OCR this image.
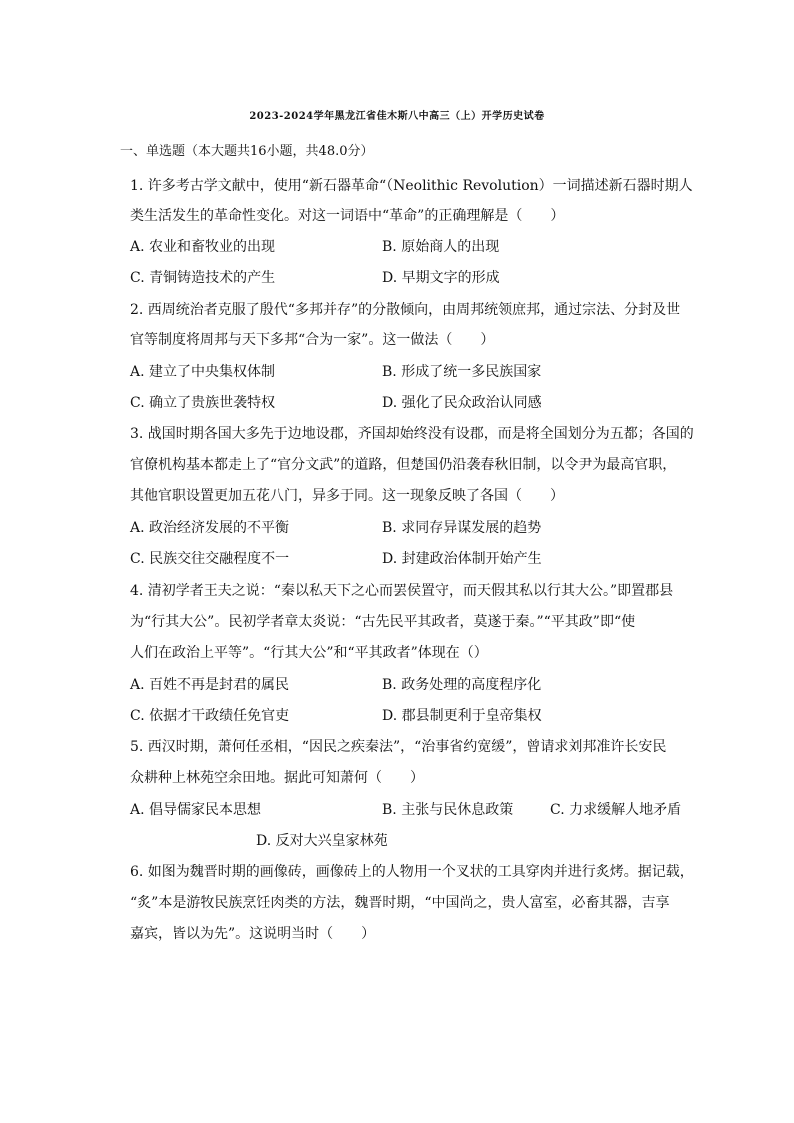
2023-2024学年黑龙江省佳木斯八中高三（上）开学历史试卷
一、单选题（本大题共16小题，共48.0分）
1. 许多考古学文献中，使用“新石器革命“（Neolithic Revolution）一词描述新石器时期人
类生活发生的革命性变化。对这一词语中“革命”的正确理解是（　　）
A. 农业和畜牧业的出现	B. 原始商人的出现
C. 青铜铸造技术的产生	D. 早期文字的形成
2. 西周统治者克服了殷代“多邦并存”的分散倾向，由周邦统领庶邦，通过宗法、分封及世
官等制度将周邦与天下多邦“合为一家”。这一做法（　　）
A. 建立了中央集权体制	B. 形成了统一多民族国家
C. 确立了贵族世袭特权	D. 强化了民众政治认同感
3. 战国时期各国大多先于边地设郡，齐国却始终没有设郡，而是将全国划分为五都；各国的
官僚机构基本都走上了“官分文武”的道路，但楚国仍沿袭春秋旧制，以令尹为最高官职，
其他官职设置更加五花八门，异多于同。这一现象反映了各国（　　）
A. 政治经济发展的不平衡	B. 求同存异谋发展的趋势
C. 民族交往交融程度不一	D. 封建政治体制开始产生
4. 清初学者王夫之说：“秦以私天下之心而罢侯置守，而天假其私以行其大公。”即置郡县
为“行其大公”。民初学者章太炎说：“古先民平其政者，莫遂于秦。”“平其政”即“使
人们在政治上平等”。“行其大公”和“平其政者”体现在（）
A. 百姓不再是封君的属民	B. 政务处理的高度程序化
C. 依据才干政绩任免官吏	D. 郡县制更利于皇帝集权
5. 西汉时期，萧何任丞相，“因民之疾秦法”，“治事省约宽缓”，曾请求刘邦准许长安民
众耕种上林苑空余田地。据此可知萧何（　　）
A. 倡导儒家民本思想	B. 主张与民休息政策	C. 力求缓解人地矛盾
D. 反对大兴皇家林苑
6. 如图为魏晋时期的画像砖，画像砖上的人物用一个叉状的工具穿肉并进行炙烤。据记载，
“炙”本是游牧民族烹饪肉类的方法，魏晋时期，“中国尚之，贵人富室，必畜其器，吉享
嘉宾，皆以为先”。这说明当时（　　）
